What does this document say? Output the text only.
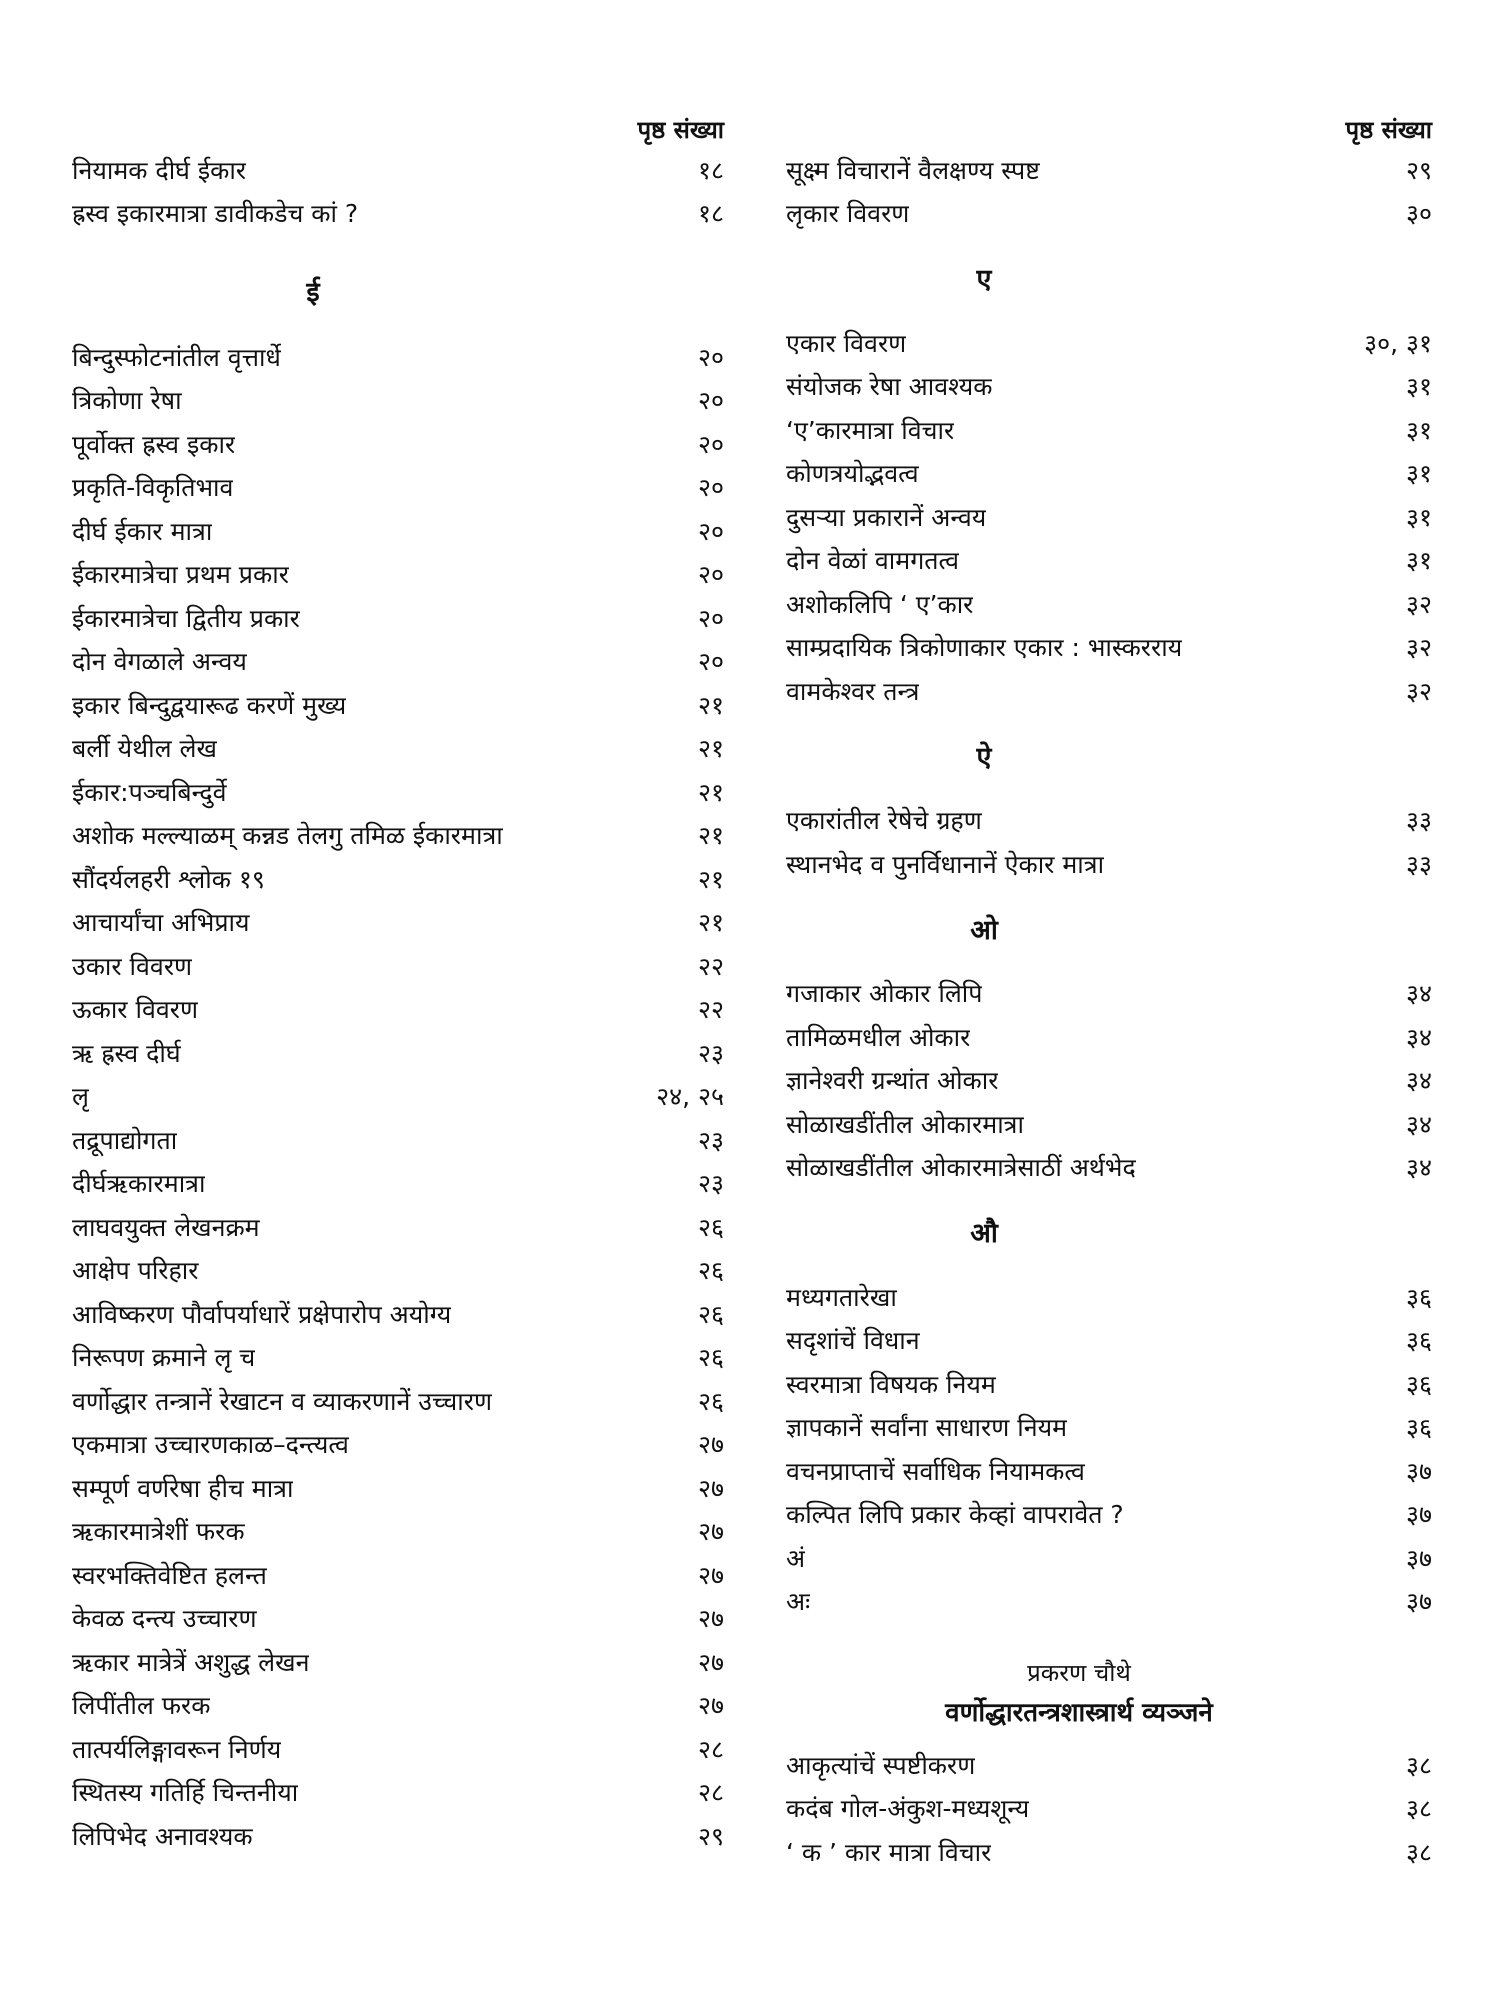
पृष्ठ संख्या
नियामक दीर्घ ईकार	१८
ह्रस्व इकारमात्रा डावीकडेच कां ?	१८
ई
बिन्दुस्फोटनांतील वृत्तार्धे	२०
त्रिकोणा रेषा	२०
पूर्वोक्त ह्रस्व इकार	२०
प्रकृति-विकृतिभाव	२०
दीर्घ ईकार मात्रा	२०
ईकारमात्रेचा प्रथम प्रकार	२०
ईकारमात्रेचा द्वितीय प्रकार	२०
दोन वेगळाले अन्वय	२०
इकार बिन्दुद्वयारूढ करणें मुख्य	२१
बर्ली येथील लेख	२१
ईकार:पञ्चबिन्दुर्वे	२१
अशोक मल्ल्याळम् कन्नड तेलगु तमिळ ईकारमात्रा	२१
सौंदर्यलहरी श्लोक १९	२१
आचार्यांचा अभिप्राय	२१
उकार विवरण	२२
ऊकार विवरण	२२
ऋ ह्रस्व दीर्घ	२३
लृ	२४, २५
तद्रूपाद्योगता	२३
दीर्घऋकारमात्रा	२३
लाघवयुक्त लेखनक्रम	२६
आक्षेप परिहार	२६
आविष्करण पौर्वापर्याधारें प्रक्षेपारोप अयोग्य	२६
निरूपण क्रमाने लृ च	२६
वर्णोद्धार तन्त्रानें रेखाटन व व्याकरणानें उच्चारण	२६
एकमात्रा उच्चारणकाळ–दन्त्यत्व	२७
सम्पूर्ण वर्णरेषा हीच मात्रा	२७
ऋकारमात्रेशीं फरक	२७
स्वरभक्तिवेष्टित हलन्त	२७
केवळ दन्त्य उच्चारण	२७
ऋकार मात्रेत्रें अशुद्ध लेखन	२७
लिपींतील फरक	२७
तात्पर्यलिङ्गावरून निर्णय	२८
स्थितस्य गतिर्हि चिन्तनीया	२८
लिपिभेद अनावश्यक	२९
पृष्ठ संख्या
सूक्ष्म विचारानें वैलक्षण्य स्पष्ट	२९
लृकार विवरण	३०
ए
एकार विवरण	३०, ३१
संयोजक रेषा आवश्यक	३१
‘ए’कारमात्रा विचार	३१
कोणत्रयोद्भवत्व	३१
दुसऱ्या प्रकारानें अन्वय	३१
दोन वेळां वामगतत्व	३१
अशोकलिपि ‘ ए’कार	३२
साम्प्रदायिक त्रिकोणाकार एकार : भास्करराय	३२
वामकेश्वर तन्त्र	३२
ऐ
एकारांतील रेषेचे ग्रहण	३३
स्थानभेद व पुनर्विधानानें ऐकार मात्रा	३३
ओ
गजाकार ओकार लिपि	३४
तामिळमधील ओकार	३४
ज्ञानेश्वरी ग्रन्थांत ओकार	३४
सोळाखडींतील ओकारमात्रा	३४
सोळाखडींतील ओकारमात्रेसाठीं अर्थभेद	३४
औ
मध्यगतारेखा	३६
सदृशांचें विधान	३६
स्वरमात्रा विषयक नियम	३६
ज्ञापकानें सर्वांना साधारण नियम	३६
वचनप्राप्ताचें सर्वाधिक नियामकत्व	३७
कल्पित लिपि प्रकार केव्हां वापरावेत ?	३७
अं	३७
अः	३७
प्रकरण चौथे
वर्णोद्धारतन्त्रशास्त्रार्थ व्यञ्जने
आकृत्यांचें स्पष्टीकरण	३८
कदंब गोल-अंकुश-मध्यशून्य	३८
‘ क ’ कार मात्रा विचार	३८
